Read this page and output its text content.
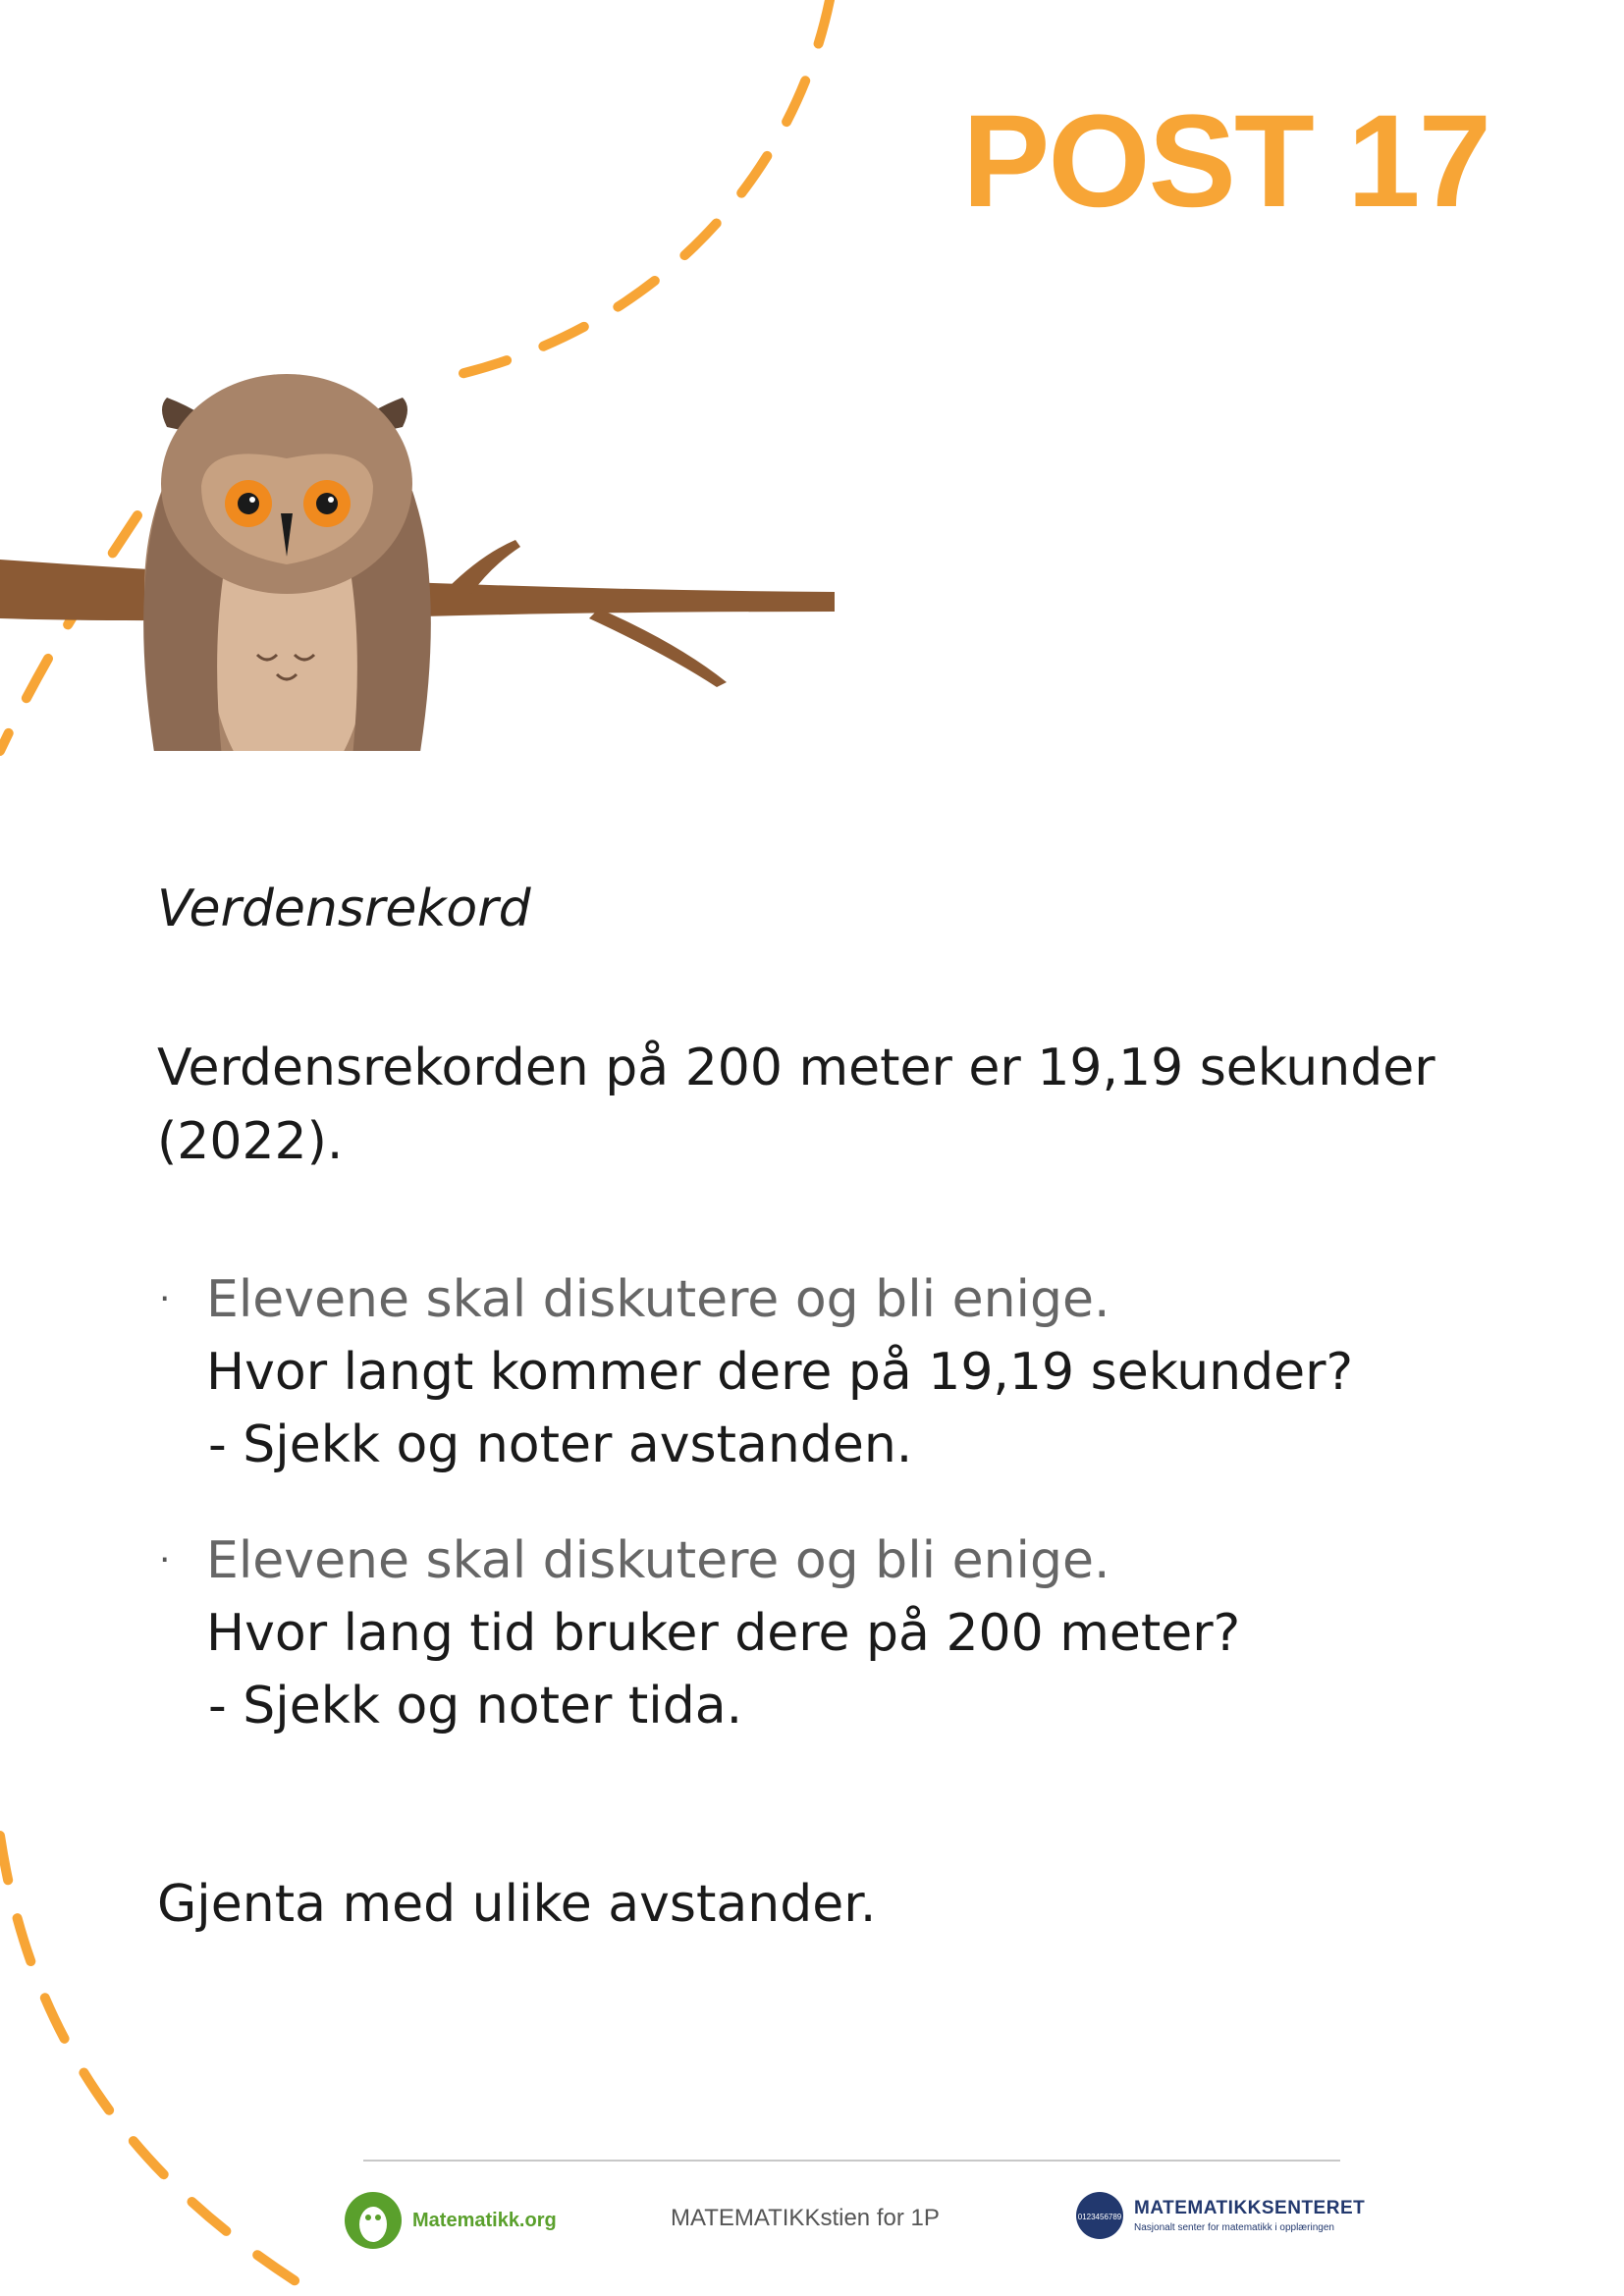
POST 17

Verdensrekord

Verdensrekorden på 200 meter er 19,19 sekunder (2022).

· Elevene skal diskutere og bli enige.
Hvor langt kommer dere på 19,19 sekunder?
- Sjekk og noter avstanden.
· Elevene skal diskutere og bli enige.
Hvor lang tid bruker dere på 200 meter?
- Sjekk og noter tida.
Gjenta med ulike avstander.
Matematikk.org	MATEMATIKKstien for 1P	0123456789 MATEMATIKKSENTERET
Nasjonalt senter for matematikk i opplæringen
